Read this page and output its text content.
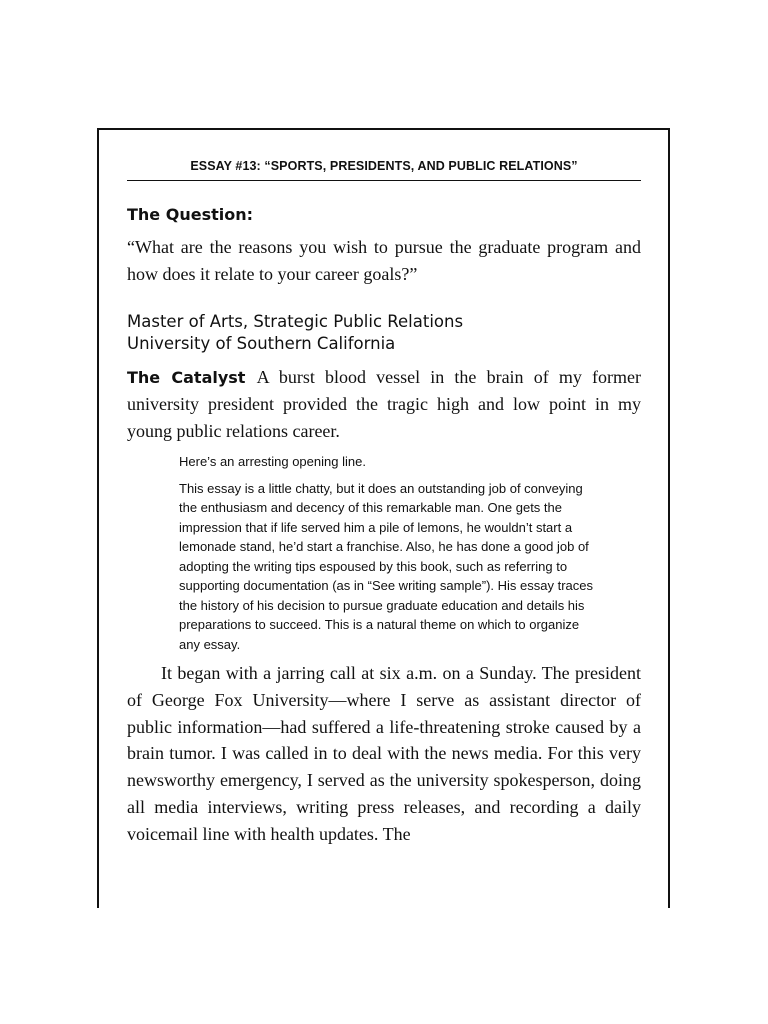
ESSAY #13: “SPORTS, PRESIDENTS, AND PUBLIC RELATIONS”
The Question:
“What are the reasons you wish to pursue the graduate program and how does it relate to your career goals?”
Master of Arts, Strategic Public Relations
University of Southern California
The Catalyst A burst blood vessel in the brain of my former university president provided the tragic high and low point in my young public relations career.

Here’s an arresting opening line.

This essay is a little chatty, but it does an outstanding job of conveying the enthusiasm and decency of this remarkable man. One gets the impression that if life served him a pile of lemons, he wouldn’t start a lemonade stand, he’d start a franchise. Also, he has done a good job of adopting the writing tips espoused by this book, such as referring to supporting documentation (as in “See writing sample”). His essay traces the history of his decision to pursue graduate education and details his preparations to succeed. This is a natural theme on which to organize any essay.

It began with a jarring call at six a.m. on a Sunday. The president of George Fox University—where I serve as assistant director of public information—had suffered a life-threatening stroke caused by a brain tumor. I was called in to deal with the news media. For this very newsworthy emergency, I served as the university spokesperson, doing all media interviews, writing press releases, and recording a daily voicemail line with health updates. The
